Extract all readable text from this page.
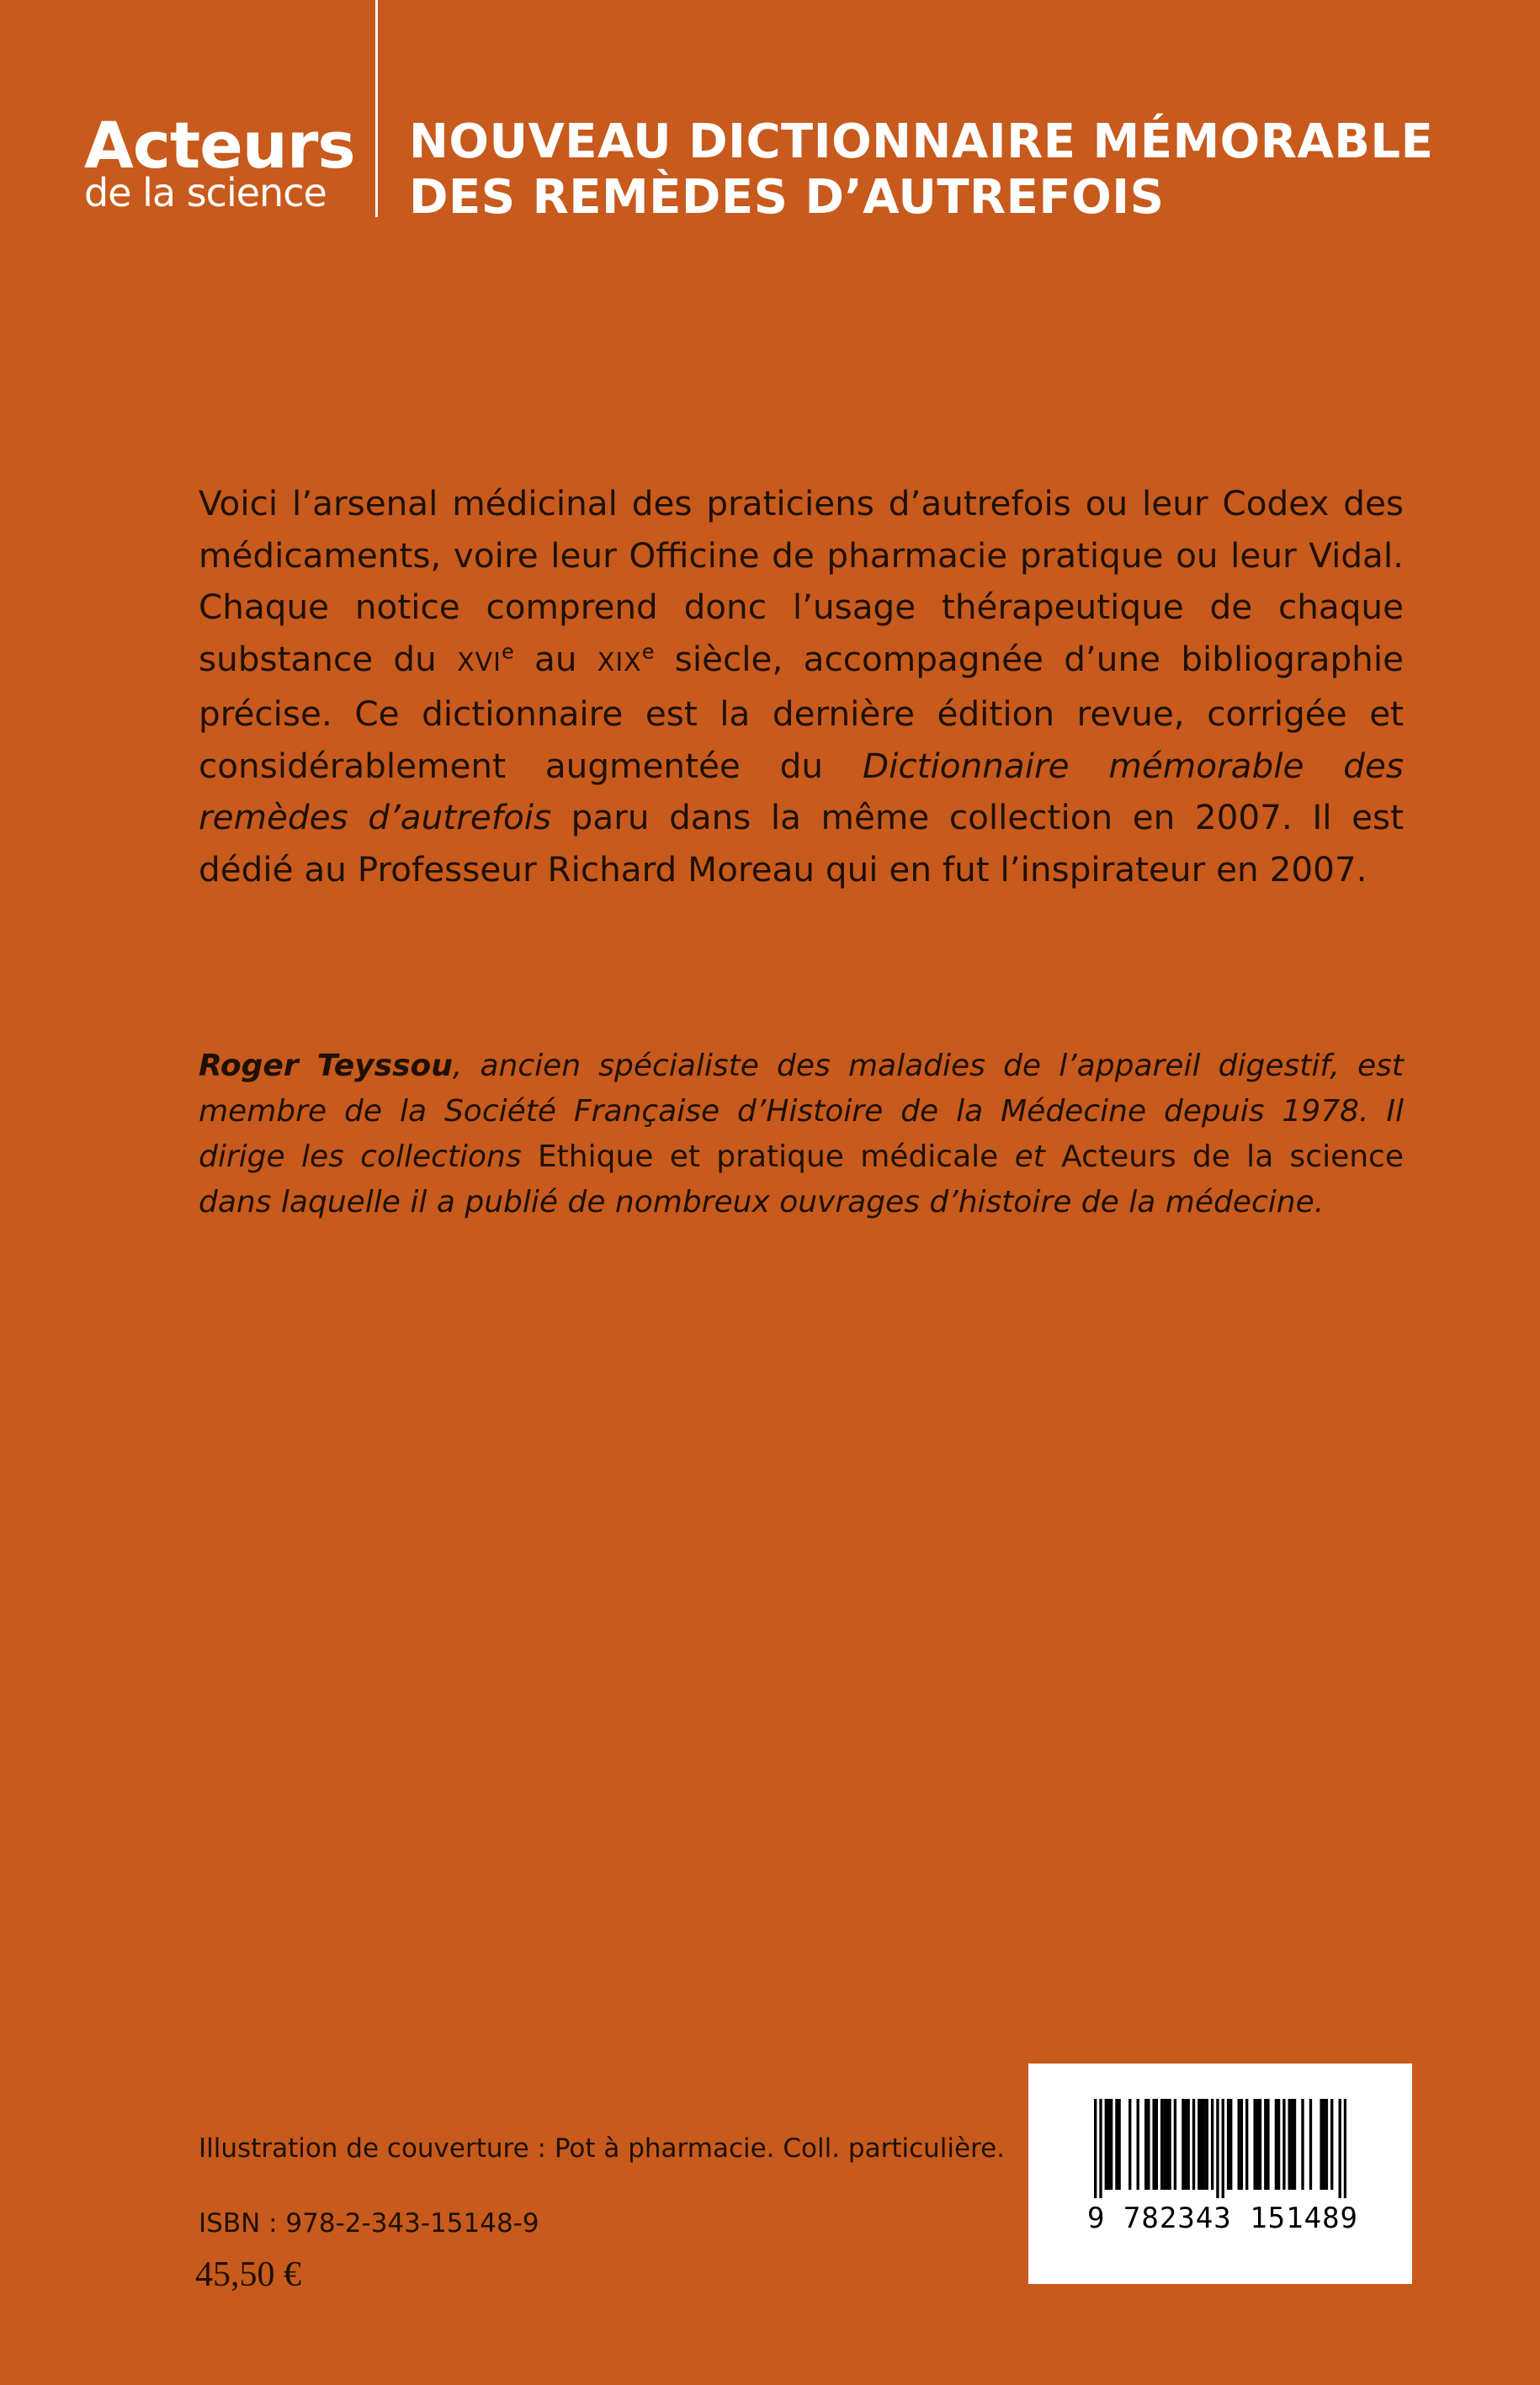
Acteurs
de la science
NOUVEAU DICTIONNAIRE MÉMORABLE
DES REMÈDES D’AUTREFOIS

Voici l’arsenal médicinal des praticiens d’autrefois ou leur Codex des médicaments, voire leur Officine de pharmacie pratique ou leur Vidal. Chaque notice comprend donc l’usage thérapeutique de chaque substance du XVIe au XIXe siècle, accompagnée d’une bibliographie précise. Ce dictionnaire est la dernière édition revue, corrigée et considérablement augmentée du Dictionnaire mémorable des remèdes d’autrefois paru dans la même collection en 2007. Il est dédié au Professeur Richard Moreau qui en fut l’inspirateur en 2007.

Roger Teyssou, ancien spécialiste des maladies de l’appareil digestif, est membre de la Société Française d’Histoire de la Médecine depuis 1978. Il dirige les collections Ethique et pratique médicale et Acteurs de la science dans laquelle il a publié de nombreux ouvrages d’histoire de la médecine.

Illustration de couverture : Pot à pharmacie. Coll. particulière.
ISBN : 978-2-343-15148-9
45,50 €
9 782343 151489
